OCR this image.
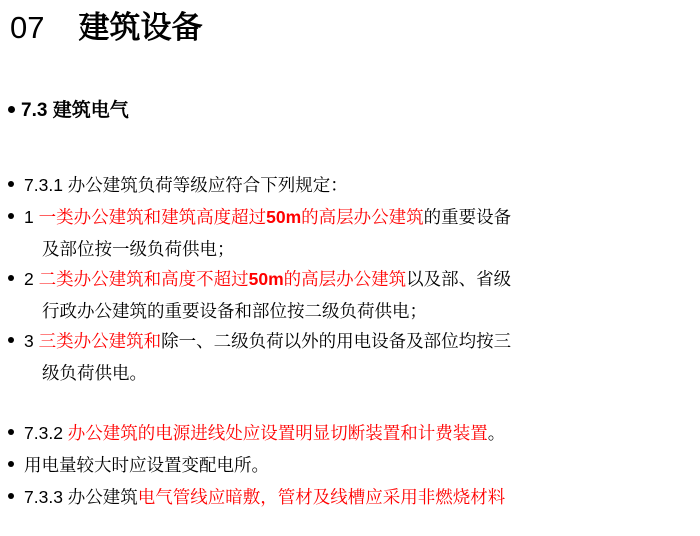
07 建筑设备
7.3 建筑电气
7.3.1 办公建筑负荷等级应符合下列规定：
1 一类办公建筑和建筑高度超过50m的高层办公建筑的重要设备
及部位按一级负荷供电；
2 二类办公建筑和高度不超过50m的高层办公建筑以及部、省级
行政办公建筑的重要设备和部位按二级负荷供电；
3 三类办公建筑和除一、二级负荷以外的用电设备及部位均按三
级负荷供电。
7.3.2 办公建筑的电源进线处应设置明显切断装置和计费装置。
用电量较大时应设置变配电所。
7.3.3 办公建筑电气管线应暗敷，管材及线槽应采用非燃烧材料
